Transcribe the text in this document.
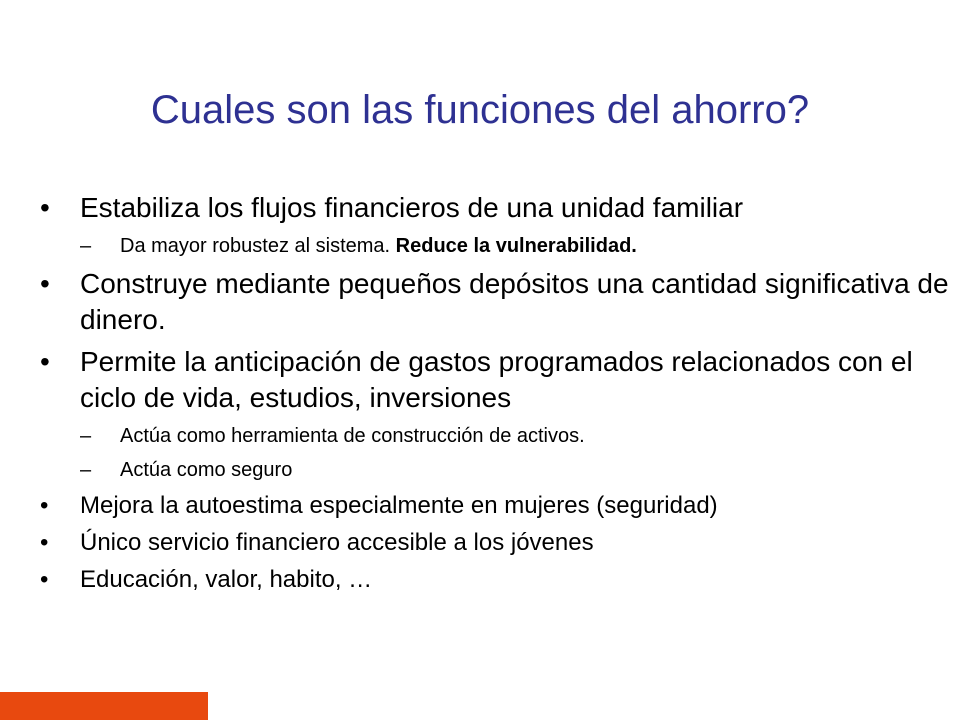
Cuales son las funciones del ahorro?
• Estabiliza los flujos financieros de una unidad familiar
– Da mayor robustez al sistema. Reduce la vulnerabilidad.
• Construye mediante pequeños depósitos una cantidad significativa de dinero.
• Permite la anticipación de gastos programados relacionados con el ciclo de vida, estudios, inversiones
– Actúa como herramienta de construcción de activos.
– Actúa como seguro
• Mejora la autoestima especialmente en mujeres (seguridad)
• Único servicio financiero accesible a los jóvenes
• Educación, valor, habito, …
